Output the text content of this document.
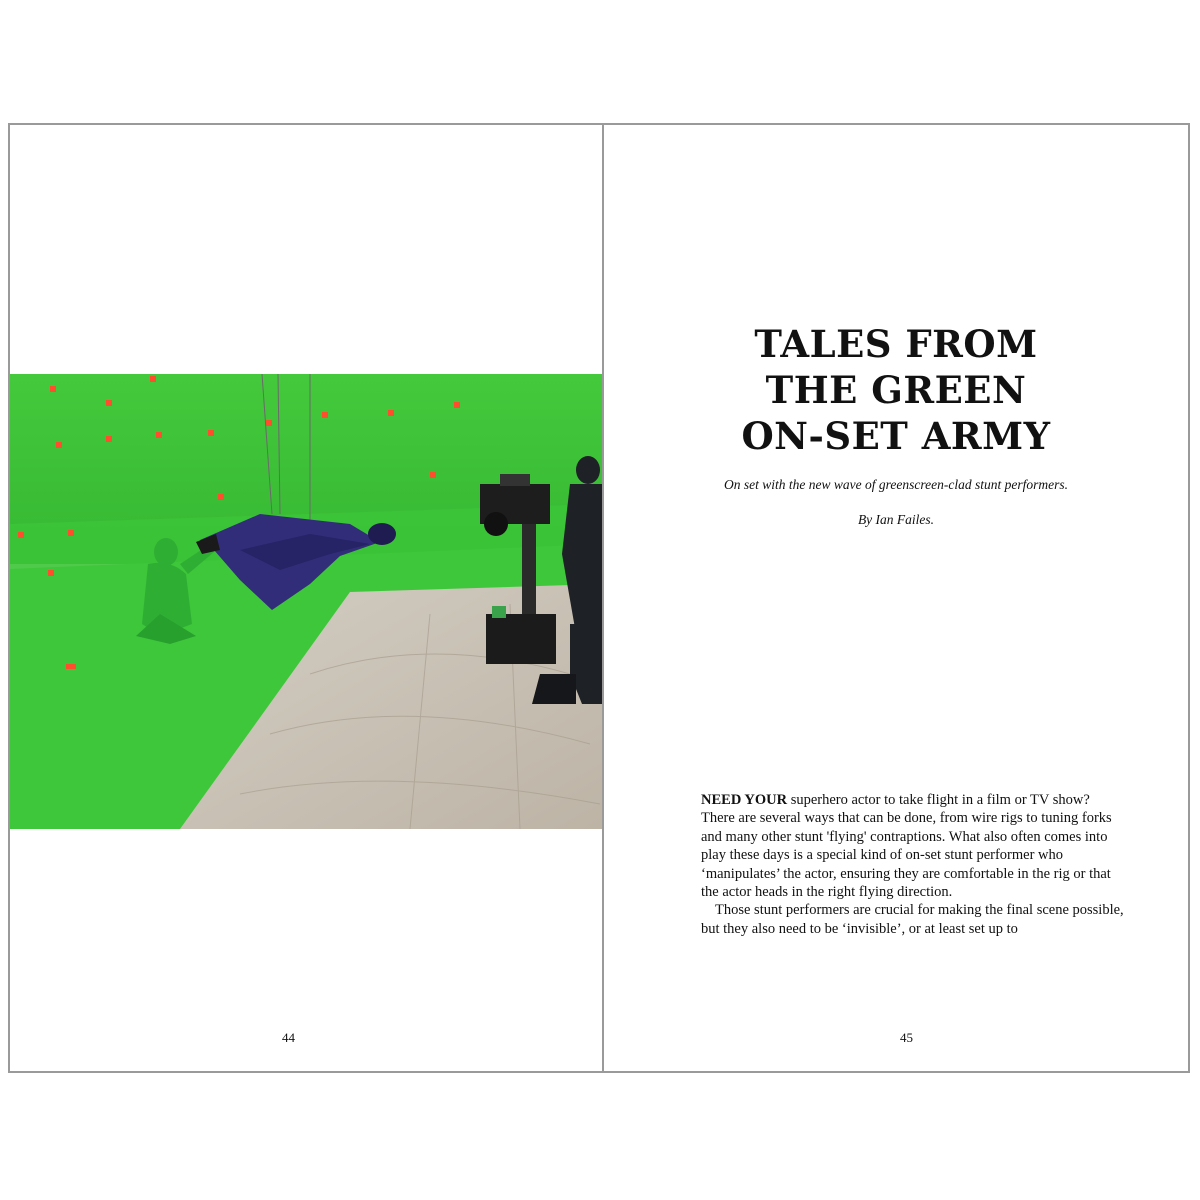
44
TALES FROM
THE GREEN
ON-SET ARMY
On set with the new wave of greenscreen-clad stunt performers.
By Ian Failes.

NEED YOUR superhero actor to take flight in a film or TV show? There are several ways that can be done, from wire rigs to tuning forks and many other stunt 'flying' contraptions. What also often comes into play these days is a special kind of on-set stunt performer who ‘manipulates’ the actor, ensuring they are comfortable in the rig or that the actor heads in the right flying direction.

Those stunt performers are crucial for making the final scene possible, but they also need to be ‘invisible’, or at least set up to

45
